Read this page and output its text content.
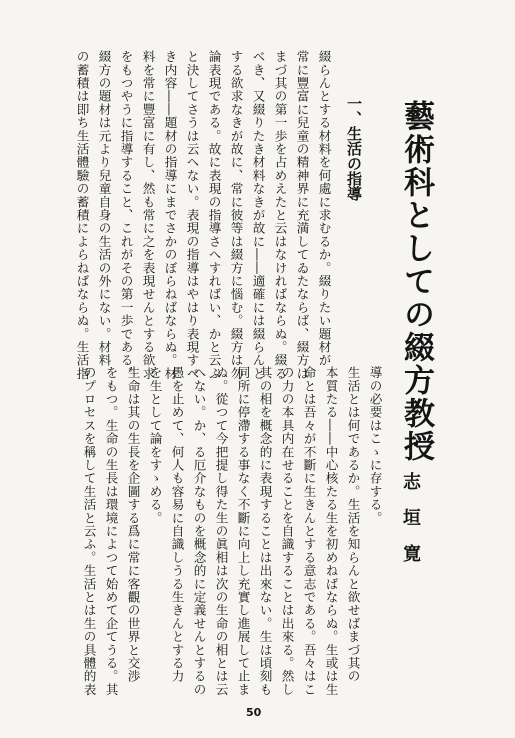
藝術科としての綴方教授

志　垣　寛

一、生活の指導

綴らんとする材料を何處に求むるか。綴りたい題材が

常に豐富に兒童の精神界に充満してゐたならば、綴方は

まづ其の第一歩を占めえたと云はなければならぬ。綴る

べき、又綴りたき材料なきが故に――適確には綴らんと

する欲求なきが故に、常に彼等は綴方に惱む。綴方は勿

論表現である。故に表現の指導さへすればい、かと云ふ

と決してさうは云へない。表現の指導はやはり表現すべ

き内容――題材の指導にまでさかのぼらねばならぬ。材

料を常に豐富に有し、然も常に之を表現せんとする欲求

をもつやうに指導すること、これがその第一歩である。

綴方の題材は元より兒童自身の生活の外にない。材料

の蓄積は即ち生活體驗の蓄積によらねばならぬ。生活指

導の必要はこゝに存する。

生活とは何であるか。生活を知らんと欲せばまづ其の

本質たる――中心核たる生を初めねばならぬ。生或は生

命とは吾々が不斷に生きんとする意志である。吾々はこ

の力の本具内在せることを自識することは出來る。然し

其の相を概念的に表現することは出來ない。生は頃刻も

同所に停滯する事なく不斷に向上し充實し進展して止ま

ぬ。從つて今把提し得た生の眞相は次の生命の相とは云

へない。か、る厄介なものを概念的に定義せんとするの

愚を止めて、何人も容易に自識しうる生きんとする力

を生として論をすゝめる。

生命は其の生長を企圖する爲に常に客觀の世界と交渉

をもつ。生命の生長は環境によつて始めて企てうる。其

のプロセスを稱して生活と云ふ。生活とは生の具體的表

50
